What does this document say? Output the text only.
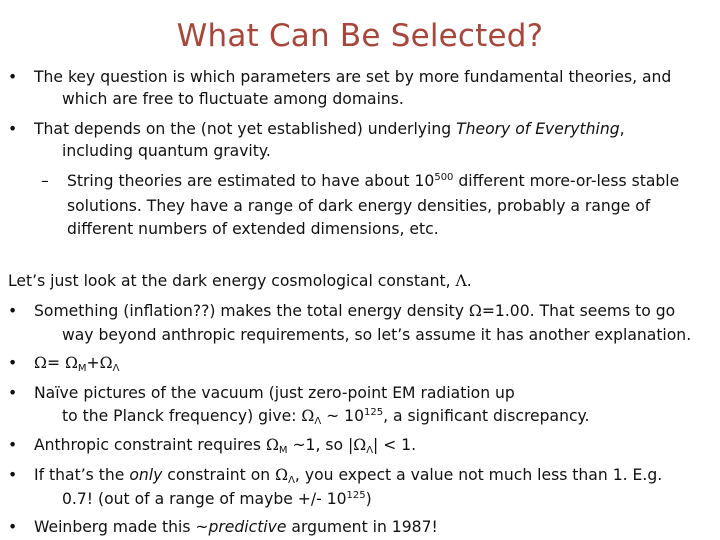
What Can Be Selected?
• The key question is which parameters are set by more fundamental theories, and
which are free to fluctuate among domains.
• That depends on the (not yet established) underlying Theory of Everything,
including quantum gravity.
– String theories are estimated to have about $10^{500}$ different more-or-less stable
solutions. They have a range of dark energy densities, probably a range of
different numbers of extended dimensions, etc.
Let’s just look at the dark energy cosmological constant, Λ.
• Something (inflation??) makes the total energy density Ω=1.00. That seems to go
way beyond anthropic requirements, so let’s assume it has another explanation.
• $\Omega= \Omega_M+\Omega_\Lambda$
• Naïve pictures of the vacuum (just zero-point EM radiation up
to the Planck frequency) give: $\Omega_\Lambda$ ~ $10^{125}$, a significant discrepancy.
• Anthropic constraint requires $\Omega_M$ ~1, so $|\Omega_\Lambda| < 1$.
• If that’s the only constraint on $\Omega_\Lambda$, you expect a value not much less than 1. E.g.
0.7! (out of a range of maybe +/- $10^{125}$)
• Weinberg made this ~predictive argument in 1987!
